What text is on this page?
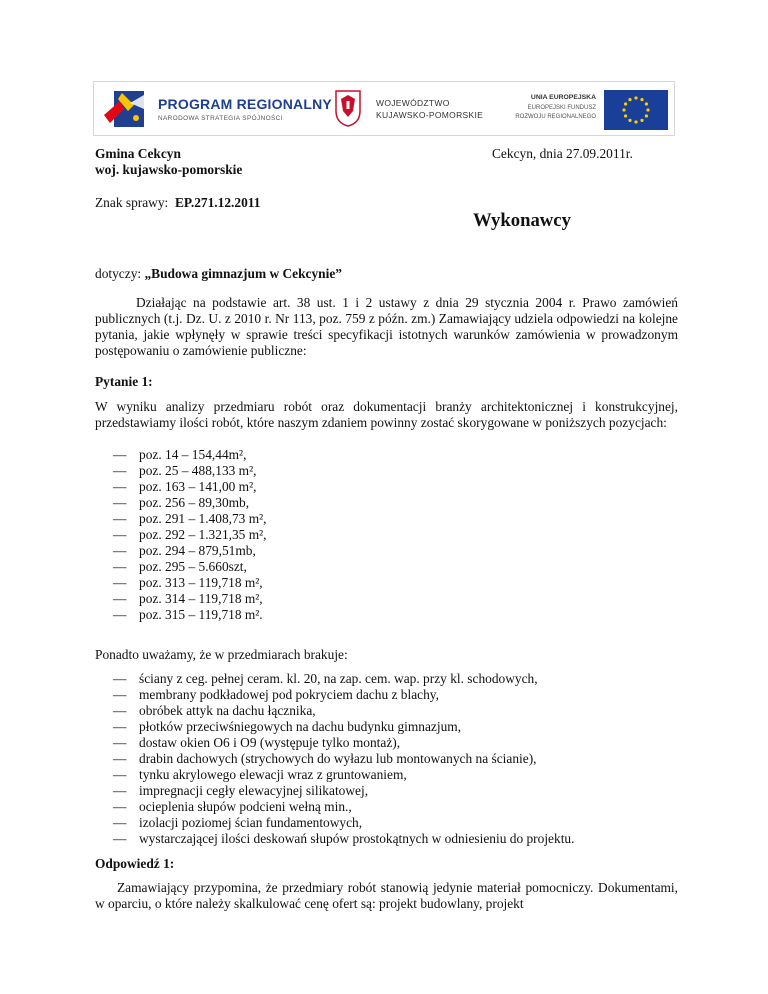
PROGRAM REGIONALNY
NARODOWA STRATEGIA SPÓJNOŚCI
WOJEWÓDZTWO
KUJAWSKO-POMORSKIE
UNIA EUROPEJSKA
EUROPEJSKI FUNDUSZ
ROZWOJU REGIONALNEGO
Gmina Cekcyn
woj. kujawsko-pomorskie
Cekcyn, dnia 27.09.2011r.
Znak sprawy: EP.271.12.2011
Wykonawcy
dotyczy: „Budowa gimnazjum w Cekcynie”
Działając na podstawie art. 38 ust. 1 i 2 ustawy z dnia 29 stycznia 2004 r. Prawo zamówień publicznych (t.j. Dz. U. z 2010 r. Nr 113, poz. 759 z późn. zm.) Zamawiający udziela odpowiedzi na kolejne pytania, jakie wpłynęły w sprawie treści specyfikacji istotnych warunków zamówienia w prowadzonym postępowaniu o zamówienie publiczne:
Pytanie 1:
W wyniku analizy przedmiaru robót oraz dokumentacji branży architektonicznej i konstrukcyjnej, przedstawiamy ilości robót, które naszym zdaniem powinny zostać skorygowane w poniższych pozycjach:
— poz. 14 – 154,44m²,
— poz. 25 – 488,133 m²,
— poz. 163 – 141,00 m²,
— poz. 256 – 89,30mb,
— poz. 291 – 1.408,73 m²,
— poz. 292 – 1.321,35 m²,
— poz. 294 – 879,51mb,
— poz. 295 – 5.660szt,
— poz. 313 – 119,718 m²,
— poz. 314 – 119,718 m²,
— poz. 315 – 119,718 m².
Ponadto uważamy, że w przedmiarach brakuje:
— ściany z ceg. pełnej ceram. kl. 20, na zap. cem. wap. przy kl. schodowych,
— membrany podkładowej pod pokryciem dachu z blachy,
— obróbek attyk na dachu łącznika,
— płotków przeciwśniegowych na dachu budynku gimnazjum,
— dostaw okien O6 i O9 (występuje tylko montaż),
— drabin dachowych (strychowych do wyłazu lub montowanych na ścianie),
— tynku akrylowego elewacji wraz z gruntowaniem,
— impregnacji cegły elewacyjnej silikatowej,
— ocieplenia słupów podcieni wełną min.,
— izolacji poziomej ścian fundamentowych,
— wystarczającej ilości deskowań słupów prostokątnych w odniesieniu do projektu.
Odpowiedź 1:
Zamawiający przypomina, że przedmiary robót stanowią jedynie materiał pomocniczy. Dokumentami, w oparciu, o które należy skalkulować cenę ofert są: projekt budowlany, projekt
